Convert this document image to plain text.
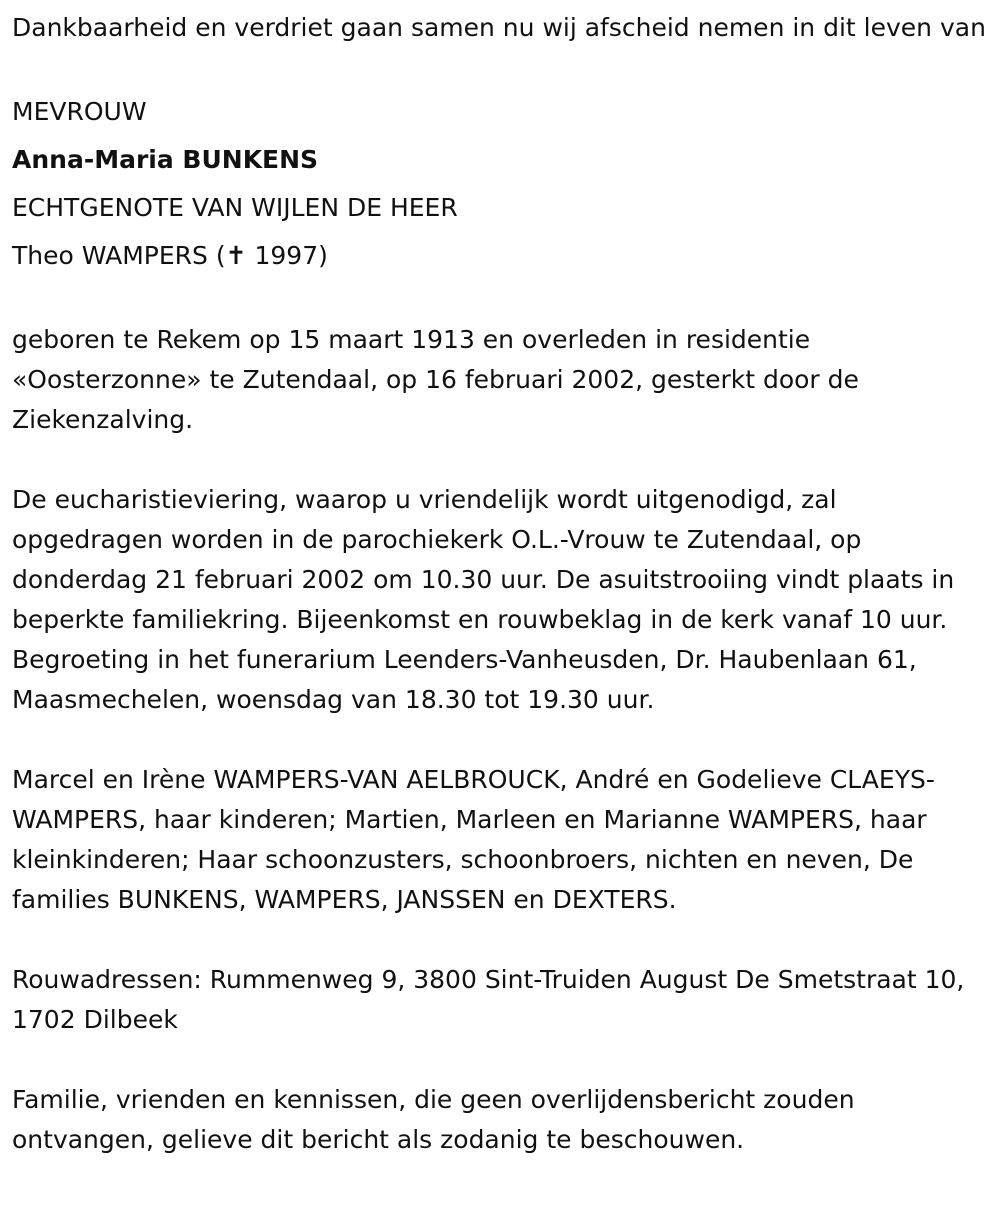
Dankbaarheid en verdriet gaan samen nu wij afscheid nemen in dit leven van

MEVROUW

Anna-Maria BUNKENS

ECHTGENOTE VAN WIJLEN DE HEER

Theo WAMPERS (✝ 1997)

geboren te Rekem op 15 maart 1913 en overleden in residentie «Oosterzonne» te Zutendaal, op 16 februari 2002, gesterkt door de Ziekenzalving.

De eucharistieviering, waarop u vriendelijk wordt uitgenodigd, zal opgedragen worden in de parochiekerk O.L.-Vrouw te Zutendaal, op donderdag 21 februari 2002 om 10.30 uur. De asuitstrooiing vindt plaats in beperkte familiekring. Bijeenkomst en rouwbeklag in de kerk vanaf 10 uur. Begroeting in het funerarium Leenders-Vanheusden, Dr. Haubenlaan 61, Maasmechelen, woensdag van 18.30 tot 19.30 uur.

Marcel en Irène WAMPERS-VAN AELBROUCK, André en Godelieve CLAEYS-WAMPERS, haar kinderen; Martien, Marleen en Marianne WAMPERS, haar kleinkinderen; Haar schoonzusters, schoonbroers, nichten en neven, De families BUNKENS, WAMPERS, JANSSEN en DEXTERS.

Rouwadressen: Rummenweg 9, 3800 Sint-Truiden August De Smetstraat 10, 1702 Dilbeek

Familie, vrienden en kennissen, die geen overlijdensbericht zouden ontvangen, gelieve dit bericht als zodanig te beschouwen.
